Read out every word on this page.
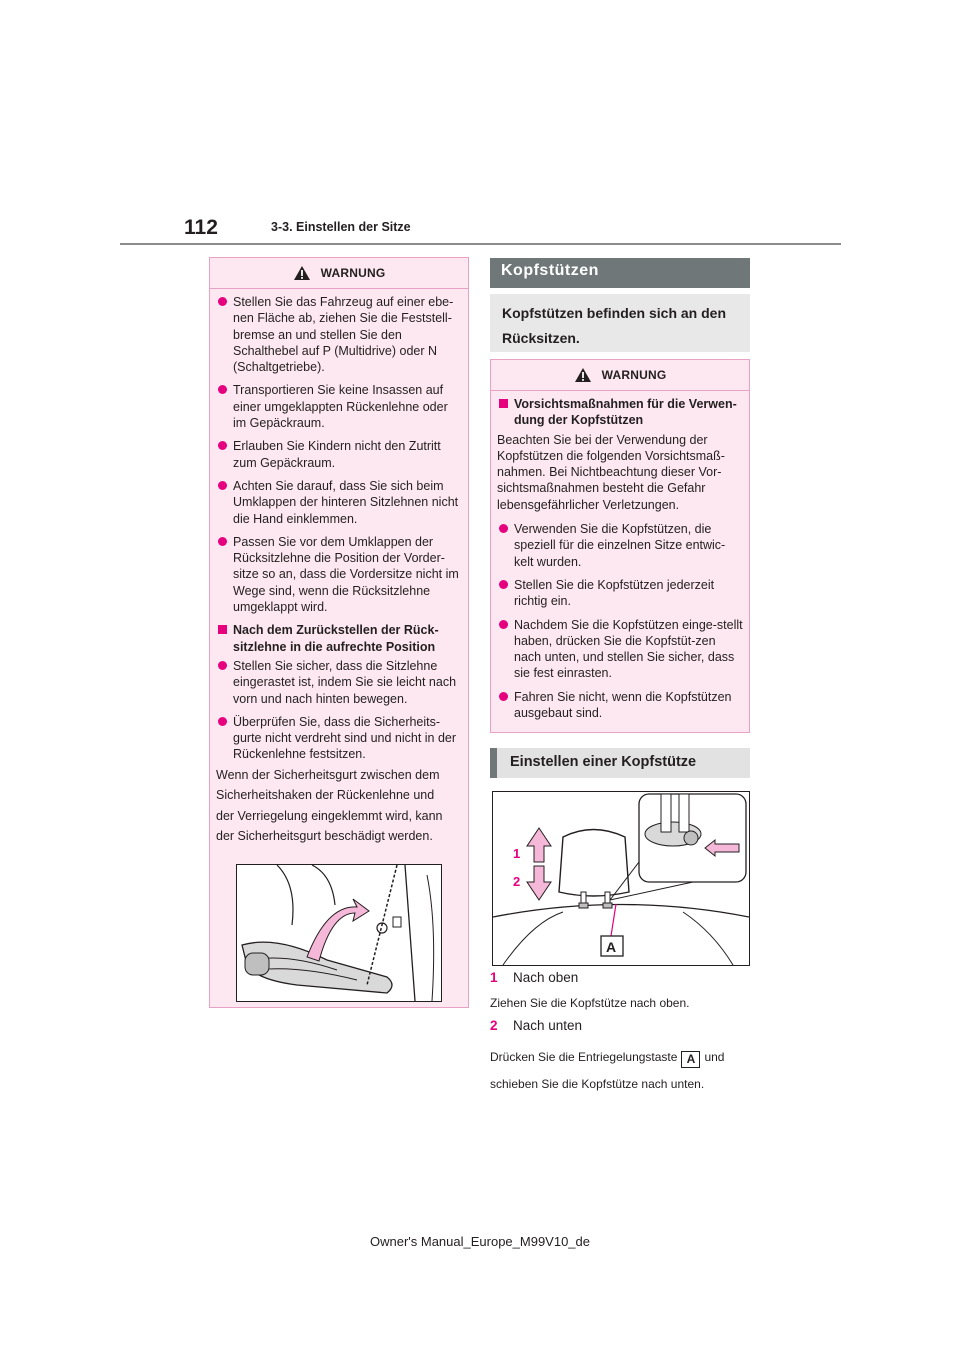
112	3-3. Einstellen der Sitze
WARNUNG
Stellen Sie das Fahrzeug auf einer ebe-nen Fläche ab, ziehen Sie die Feststell-bremse an und stellen Sie den Schalthebel auf P (Multidrive) oder N (Schaltgetriebe).
Transportieren Sie keine Insassen auf einer umgeklappten Rückenlehne oder im Gepäckraum.
Erlauben Sie Kindern nicht den Zutritt zum Gepäckraum.
Achten Sie darauf, dass Sie sich beim Umklappen der hinteren Sitzlehnen nicht die Hand einklemmen.
Passen Sie vor dem Umklappen der Rücksitzlehne die Position der Vorder-sitze so an, dass die Vordersitze nicht im Wege sind, wenn die Rücksitzlehne umgeklappt wird.
Nach dem Zurückstellen der Rück-sitzlehne in die aufrechte Position
Stellen Sie sicher, dass die Sitzlehne eingerastet ist, indem Sie sie leicht nach vorn und nach hinten bewegen.
Überprüfen Sie, dass die Sicherheits-gurte nicht verdreht sind und nicht in der Rückenlehne festsitzen.

Wenn der Sicherheitsgurt zwischen dem

Sicherheitshaken der Rückenlehne und

der Verriegelung eingeklemmt wird, kann

der Sicherheitsgurt beschädigt werden.

Kopfstützen
Kopfstützen befinden sich an den
Rücksitzen.
WARNUNG
Vorsichtsmaßnahmen für die Verwen-dung der Kopfstützen
Beachten Sie bei der Verwendung der Kopfstützen die folgenden Vorsichtsmaß-nahmen. Bei Nichtbeachtung dieser Vor-sichtsmaßnahmen besteht die Gefahr lebensgefährlicher Verletzungen.
Verwenden Sie die Kopfstützen, die speziell für die einzelnen Sitze entwic-kelt wurden.
Stellen Sie die Kopfstützen jederzeit richtig ein.
Nachdem Sie die Kopfstützen einge-stellt haben, drücken Sie die Kopfstüt-zen nach unten, und stellen Sie sicher, dass sie fest einrasten.
Fahren Sie nicht, wenn die Kopfstützen ausgebaut sind.
Einstellen einer Kopfstütze
1
2
A
1 Nach oben
Ziehen Sie die Kopfstütze nach oben.
2 Nach unten
Drücken Sie die Entriegelungstaste A und
schieben Sie die Kopfstütze nach unten.
Owner's Manual_Europe_M99V10_de
